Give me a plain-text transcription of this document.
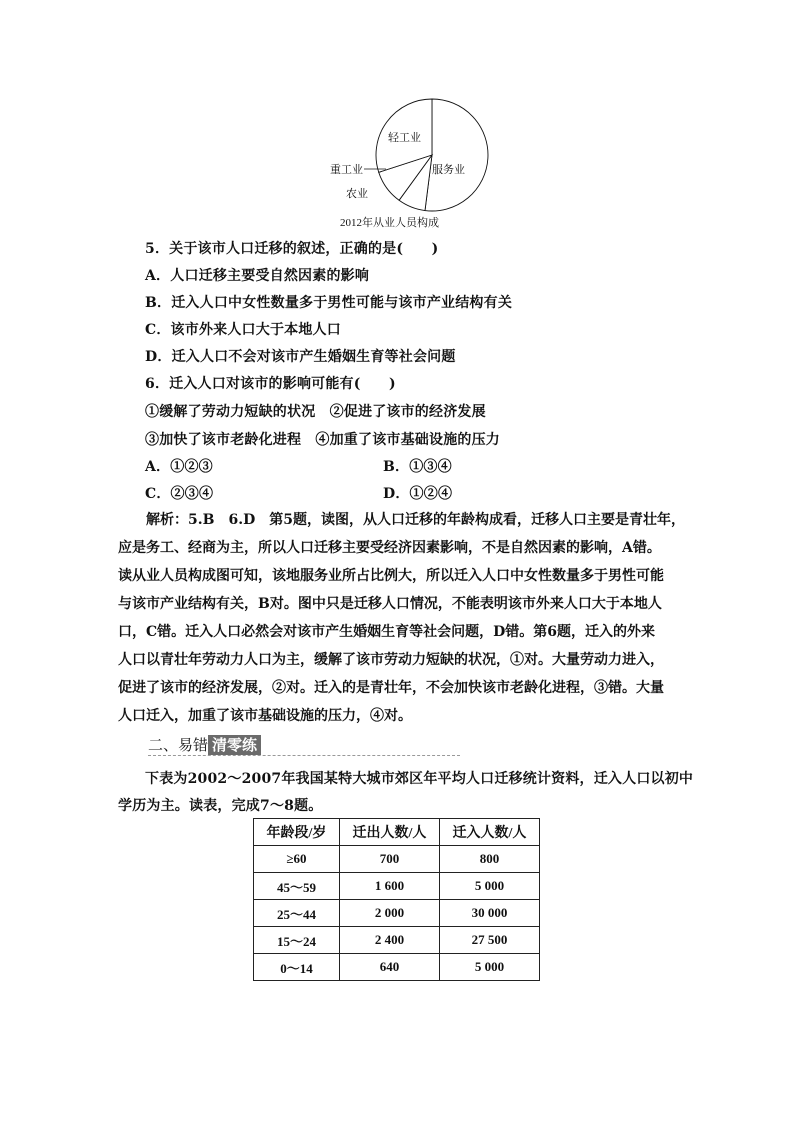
轻工业
服务业
重工业
农业
2012年从业人员构成
5．关于该市人口迁移的叙述，正确的是(　　)
A．人口迁移主要受自然因素的影响
B．迁入人口中女性数量多于男性可能与该市产业结构有关
C．该市外来人口大于本地人口
D．迁入人口不会对该市产生婚姻生育等社会问题
6．迁入人口对该市的影响可能有(　　)
①缓解了劳动力短缺的状况　②促进了该市的经济发展
③加快了该市老龄化进程　④加重了该市基础设施的压力
A．①②③	B．①③④
C．②③④	D．①②④
解析：5.B　6.D　第5题，读图，从人口迁移的年龄构成看，迁移人口主要是青壮年，
应是务工、经商为主，所以人口迁移主要受经济因素影响，不是自然因素的影响，A错。
读从业人员构成图可知，该地服务业所占比例大，所以迁入人口中女性数量多于男性可能
与该市产业结构有关，B对。图中只是迁移人口情况，不能表明该市外来人口大于本地人
口，C错。迁入人口必然会对该市产生婚姻生育等社会问题，D错。第6题，迁入的外来
人口以青壮年劳动力人口为主，缓解了该市劳动力短缺的状况，①对。大量劳动力进入，
促进了该市的经济发展，②对。迁入的是青壮年，不会加快该市老龄化进程，③错。大量
人口迁入，加重了该市基础设施的压力，④对。
二、易错 清零练
下表为2002～2007年我国某特大城市郊区年平均人口迁移统计资料，迁入人口以初中
学历为主。读表，完成7～8题。
年龄段/岁	迁出人数/人	迁入人数/人
≥60	700	800
45～59	1 600	5 000
25～44	2 000	30 000
15～24	2 400	27 500
0～14	640	5 000
